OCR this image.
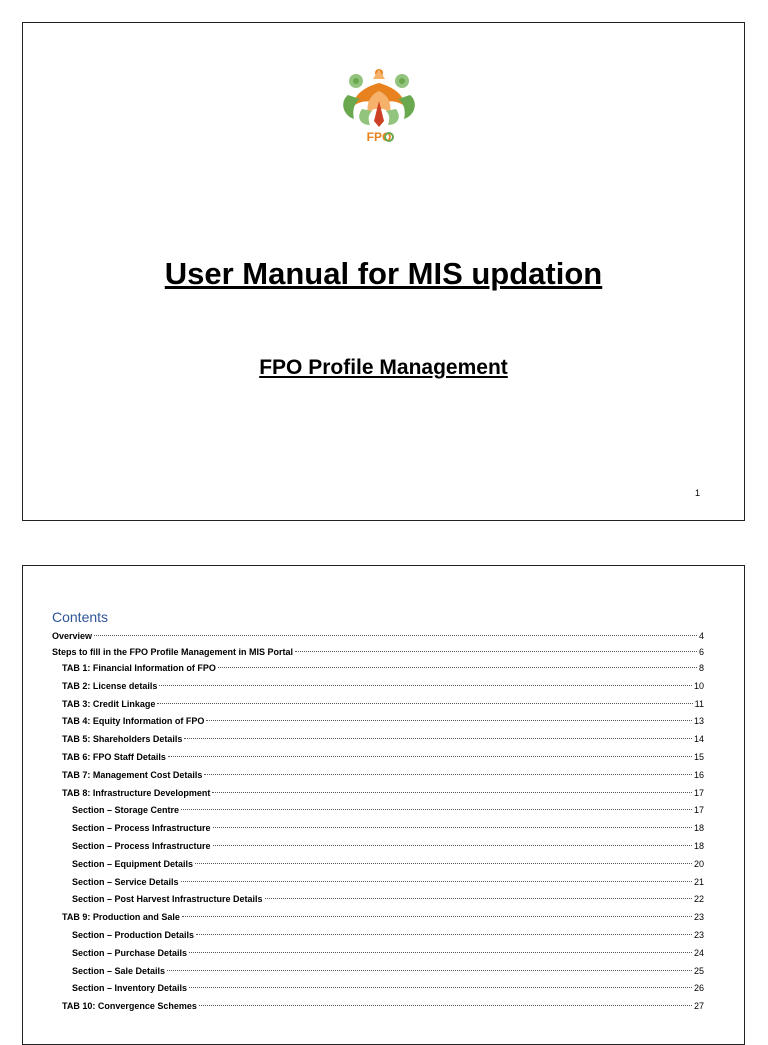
FPO
User Manual for MIS updation
FPO Profile Management
1
Contents
Overview	4
Steps to fill in the FPO Profile Management in MIS Portal	6
TAB 1: Financial Information of FPO	8
TAB 2: License details	10
TAB 3: Credit Linkage	11
TAB 4: Equity Information of FPO	13
TAB 5: Shareholders Details	14
TAB 6: FPO Staff Details	15
TAB 7: Management Cost Details	16
TAB 8: Infrastructure Development	17
Section – Storage Centre	17
Section – Process Infrastructure	18
Section – Process Infrastructure	18
Section – Equipment Details	20
Section – Service Details	21
Section – Post Harvest Infrastructure Details	22
TAB 9: Production and Sale	23
Section – Production Details	23
Section – Purchase Details	24
Section – Sale Details	25
Section – Inventory Details	26
TAB 10: Convergence Schemes	27
